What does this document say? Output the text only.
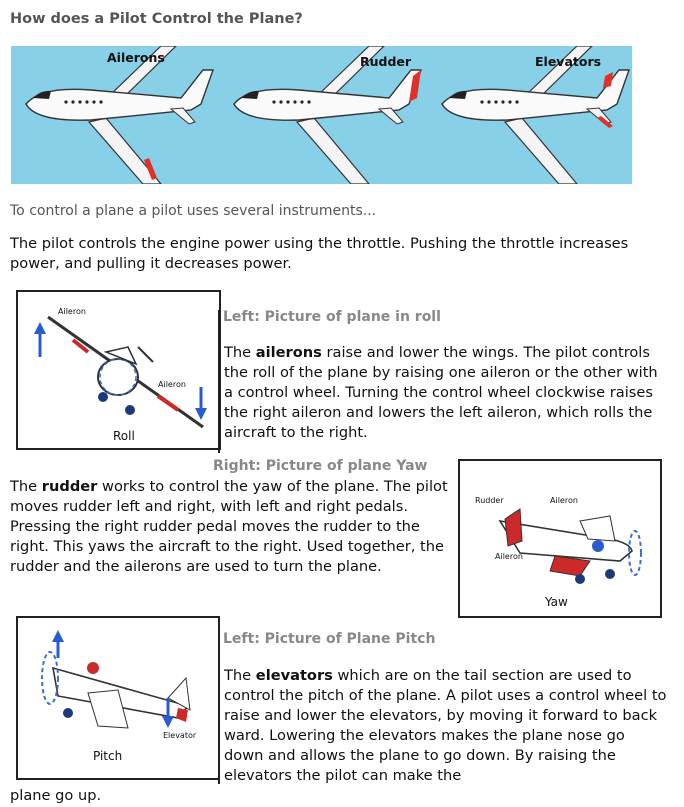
How does a Pilot Control the Plane?
Ailerons	Rudder	Elevators
To control a plane a pilot uses several instruments...
The pilot controls the engine power using the throttle. Pushing the throttle increases power, and pulling it decreases power.
Roll
Aileron
Aileron
Left: Picture of plane in roll
The ailerons raise and lower the wings. The pilot controls the roll of the plane by raising one aileron or the other with a control wheel. Turning the control wheel clockwise raises the right aileron and lowers the left aileron, which rolls the aircraft to the right.
Right: Picture of plane Yaw
The rudder works to control the yaw of the plane. The pilot moves rudder left and right, with left and right pedals. Pressing the right rudder pedal moves the rudder to the right. This yaws the aircraft to the right. Used together, the rudder and the ailerons are used to turn the plane.
Rudder	Aileron
Aileron
Yaw
Elevator
Pitch
Left: Picture of Plane Pitch
The elevators which are on the tail section are used to control the pitch of the plane. A pilot uses a control wheel to raise and lower the elevators, by moving it forward to back ward. Lowering the elevators makes the plane nose go down and allows the plane to go down. By raising the elevators the pilot can make the
plane go up.
